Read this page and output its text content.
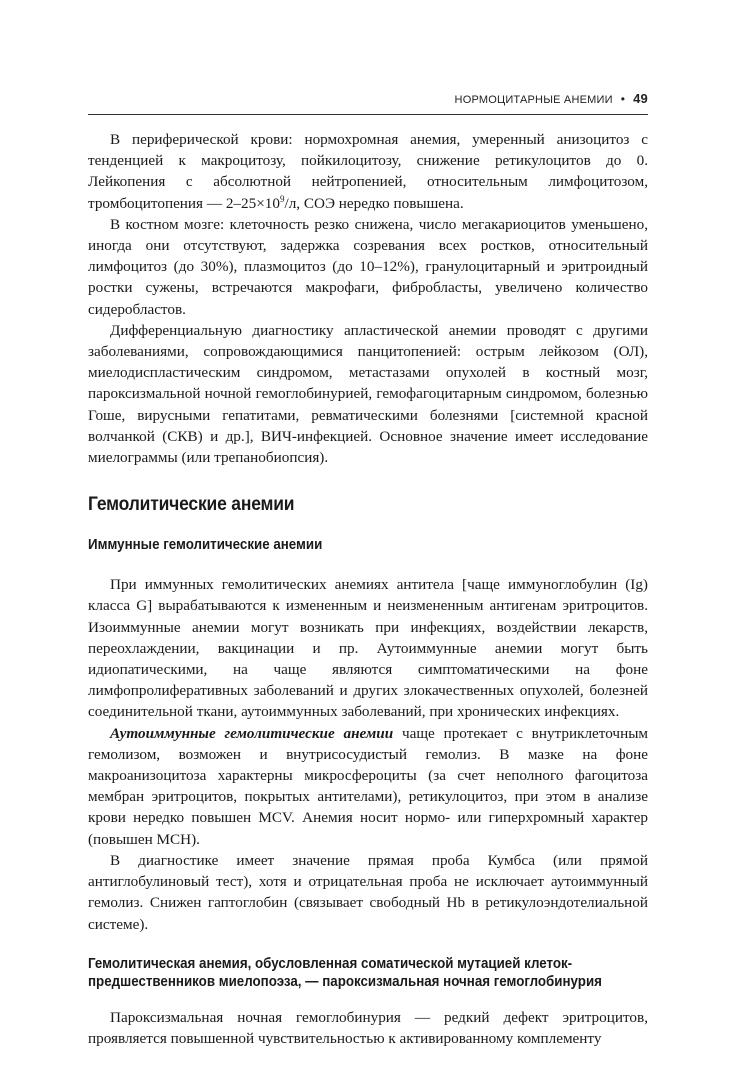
НОРМОЦИТАРНЫЕ АНЕМИИ • 49

В периферической крови: нормохромная анемия, умеренный анизоцитоз с тенденцией к макроцитозу, пойкилоцитозу, снижение ретикулоцитов до 0. Лейкопения с абсолютной нейтропенией, относительным лимфоцитозом, тромбоцитопения — $2-25\times 10^9/л$, СОЭ нередко повышена.

В костном мозге: клеточность резко снижена, число мегакариоцитов уменьшено, иногда они отсутствуют, задержка созревания всех ростков, относительный лимфоцитоз (до 30%), плазмоцитоз (до 10–12%), гранулоцитарный и эритроидный ростки сужены, встречаются макрофаги, фибробласты, увеличено количество сидеробластов.

Дифференциальную диагностику апластической анемии проводят с другими заболеваниями, сопровождающимися панцитопенией: острым лейкозом (ОЛ), миелодиспластическим синдромом, метастазами опухолей в костный мозг, пароксизмальной ночной гемоглобинурией, гемофагоцитарным синдромом, болезнью Гоше, вирусными гепатитами, ревматическими болезнями [системной красной волчанкой (СКВ) и др.], ВИЧ-инфекцией. Основное значение имеет исследование миелограммы (или трепанобиопсия).

Гемолитические анемии
Иммунные гемолитические анемии

При иммунных гемолитических анемиях антитела [чаще иммуноглобулин (Ig) класса G] вырабатываются к измененным и неизмененным антигенам эритроцитов. Изоиммунные анемии могут возникать при инфекциях, воздействии лекарств, переохлаждении, вакцинации и пр. Аутоиммунные анемии могут быть идиопатическими, на чаще являются симптоматическими на фоне лимфопролиферативных заболеваний и других злокачественных опухолей, болезней соединительной ткани, аутоиммунных заболеваний, при хронических инфекциях.

Аутоиммунные гемолитические анемии чаще протекает с внутриклеточным гемолизом, возможен и внутрисосудистый гемолиз. В мазке на фоне макроанизоцитоза характерны микросфероциты (за счет неполного фагоцитоза мембран эритроцитов, покрытых антителами), ретикулоцитоз, при этом в анализе крови нередко повышен MCV. Анемия носит нормо- или гиперхромный характер (повышен MCH).

В диагностике имеет значение прямая проба Кумбса (или прямой антиглобулиновый тест), хотя и отрицательная проба не исключает аутоиммунный гемолиз. Снижен гаптоглобин (связывает свободный Hb в ретикулоэндотелиальной системе).

Гемолитическая анемия, обусловленная соматической мутацией клеток-предшественников миелопоэза, — пароксизмальная ночная гемоглобинурия

Пароксизмальная ночная гемоглобинурия — редкий дефект эритроцитов, проявляется повышенной чувствительностью к активированному комплементу
